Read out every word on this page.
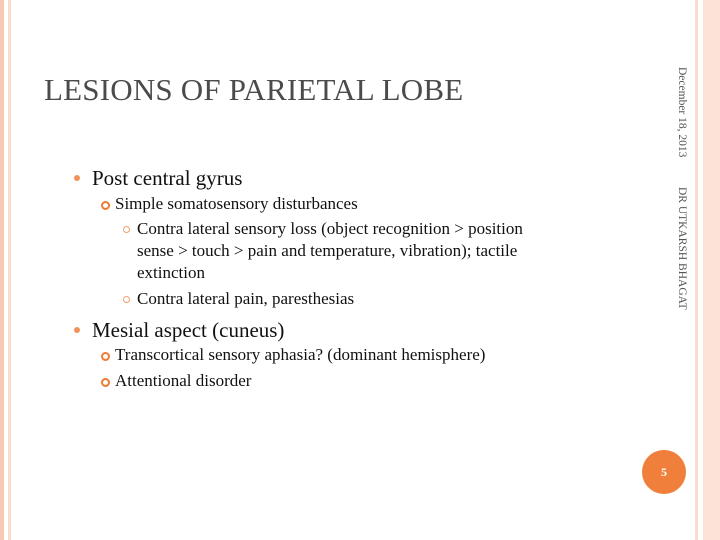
LESIONS OF PARIETAL LOBE	December 18, 2013  DR UTKARSH BHAGAT
Post central gyrus
Simple somatosensory disturbances
Contra lateral sensory loss (object recognition > position
sense > touch > pain and temperature, vibration); tactile
extinction
Contra lateral pain, paresthesias
Mesial aspect (cuneus)
Transcortical sensory aphasia? (dominant hemisphere)
Attentional disorder
5
